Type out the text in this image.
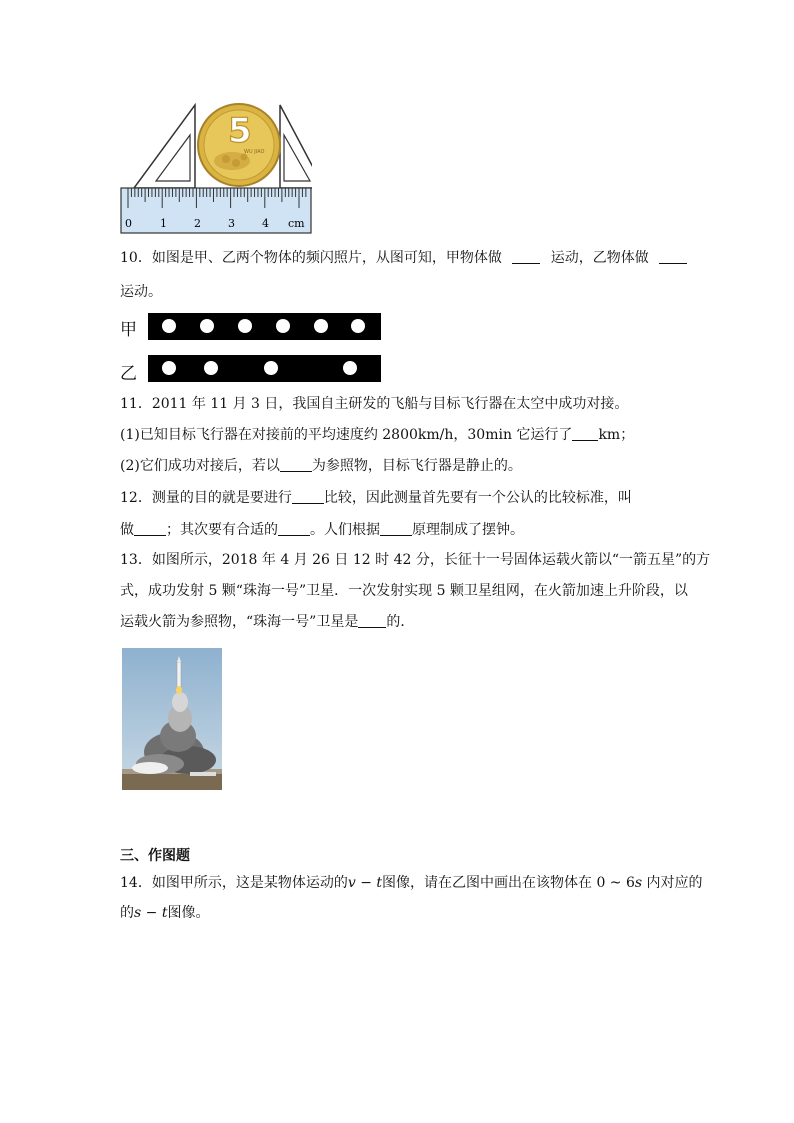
5
WU JIAO
0	1 2 3 4 cm
10．如图是甲、乙两个物体的频闪照片，从图可知，甲物体做	运动，乙物体做
运动。
甲
乙
11．2011 年 11 月 3 日，我国自主研发的飞船与目标飞行器在太空中成功对接。
(1)已知目标飞行器在对接前的平均速度约 2800km/h，30min 它运行了 km；
(2)它们成功对接后，若以 为参照物，目标飞行器是静止的。
12．测量的目的就是要进行 比较，因此测量首先要有一个公认的比较标准，叫
做 ；其次要有合适的 。人们根据 原理制成了摆钟。
13．如图所示，2018 年 4 月 26 日 12 时 42 分，长征十一号固体运载火箭以“一箭五星”的方
式，成功发射 5 颗“珠海一号”卫星．一次发射实现 5 颗卫星组网，在火箭加速上升阶段，以
运载火箭为参照物，“珠海一号”卫星是 的．
三、作图题
14．如图甲所示，这是某物体运动的v − t图像，请在乙图中画出在该物体在 0 ~ 6s 内对应的
的s − t图像。
